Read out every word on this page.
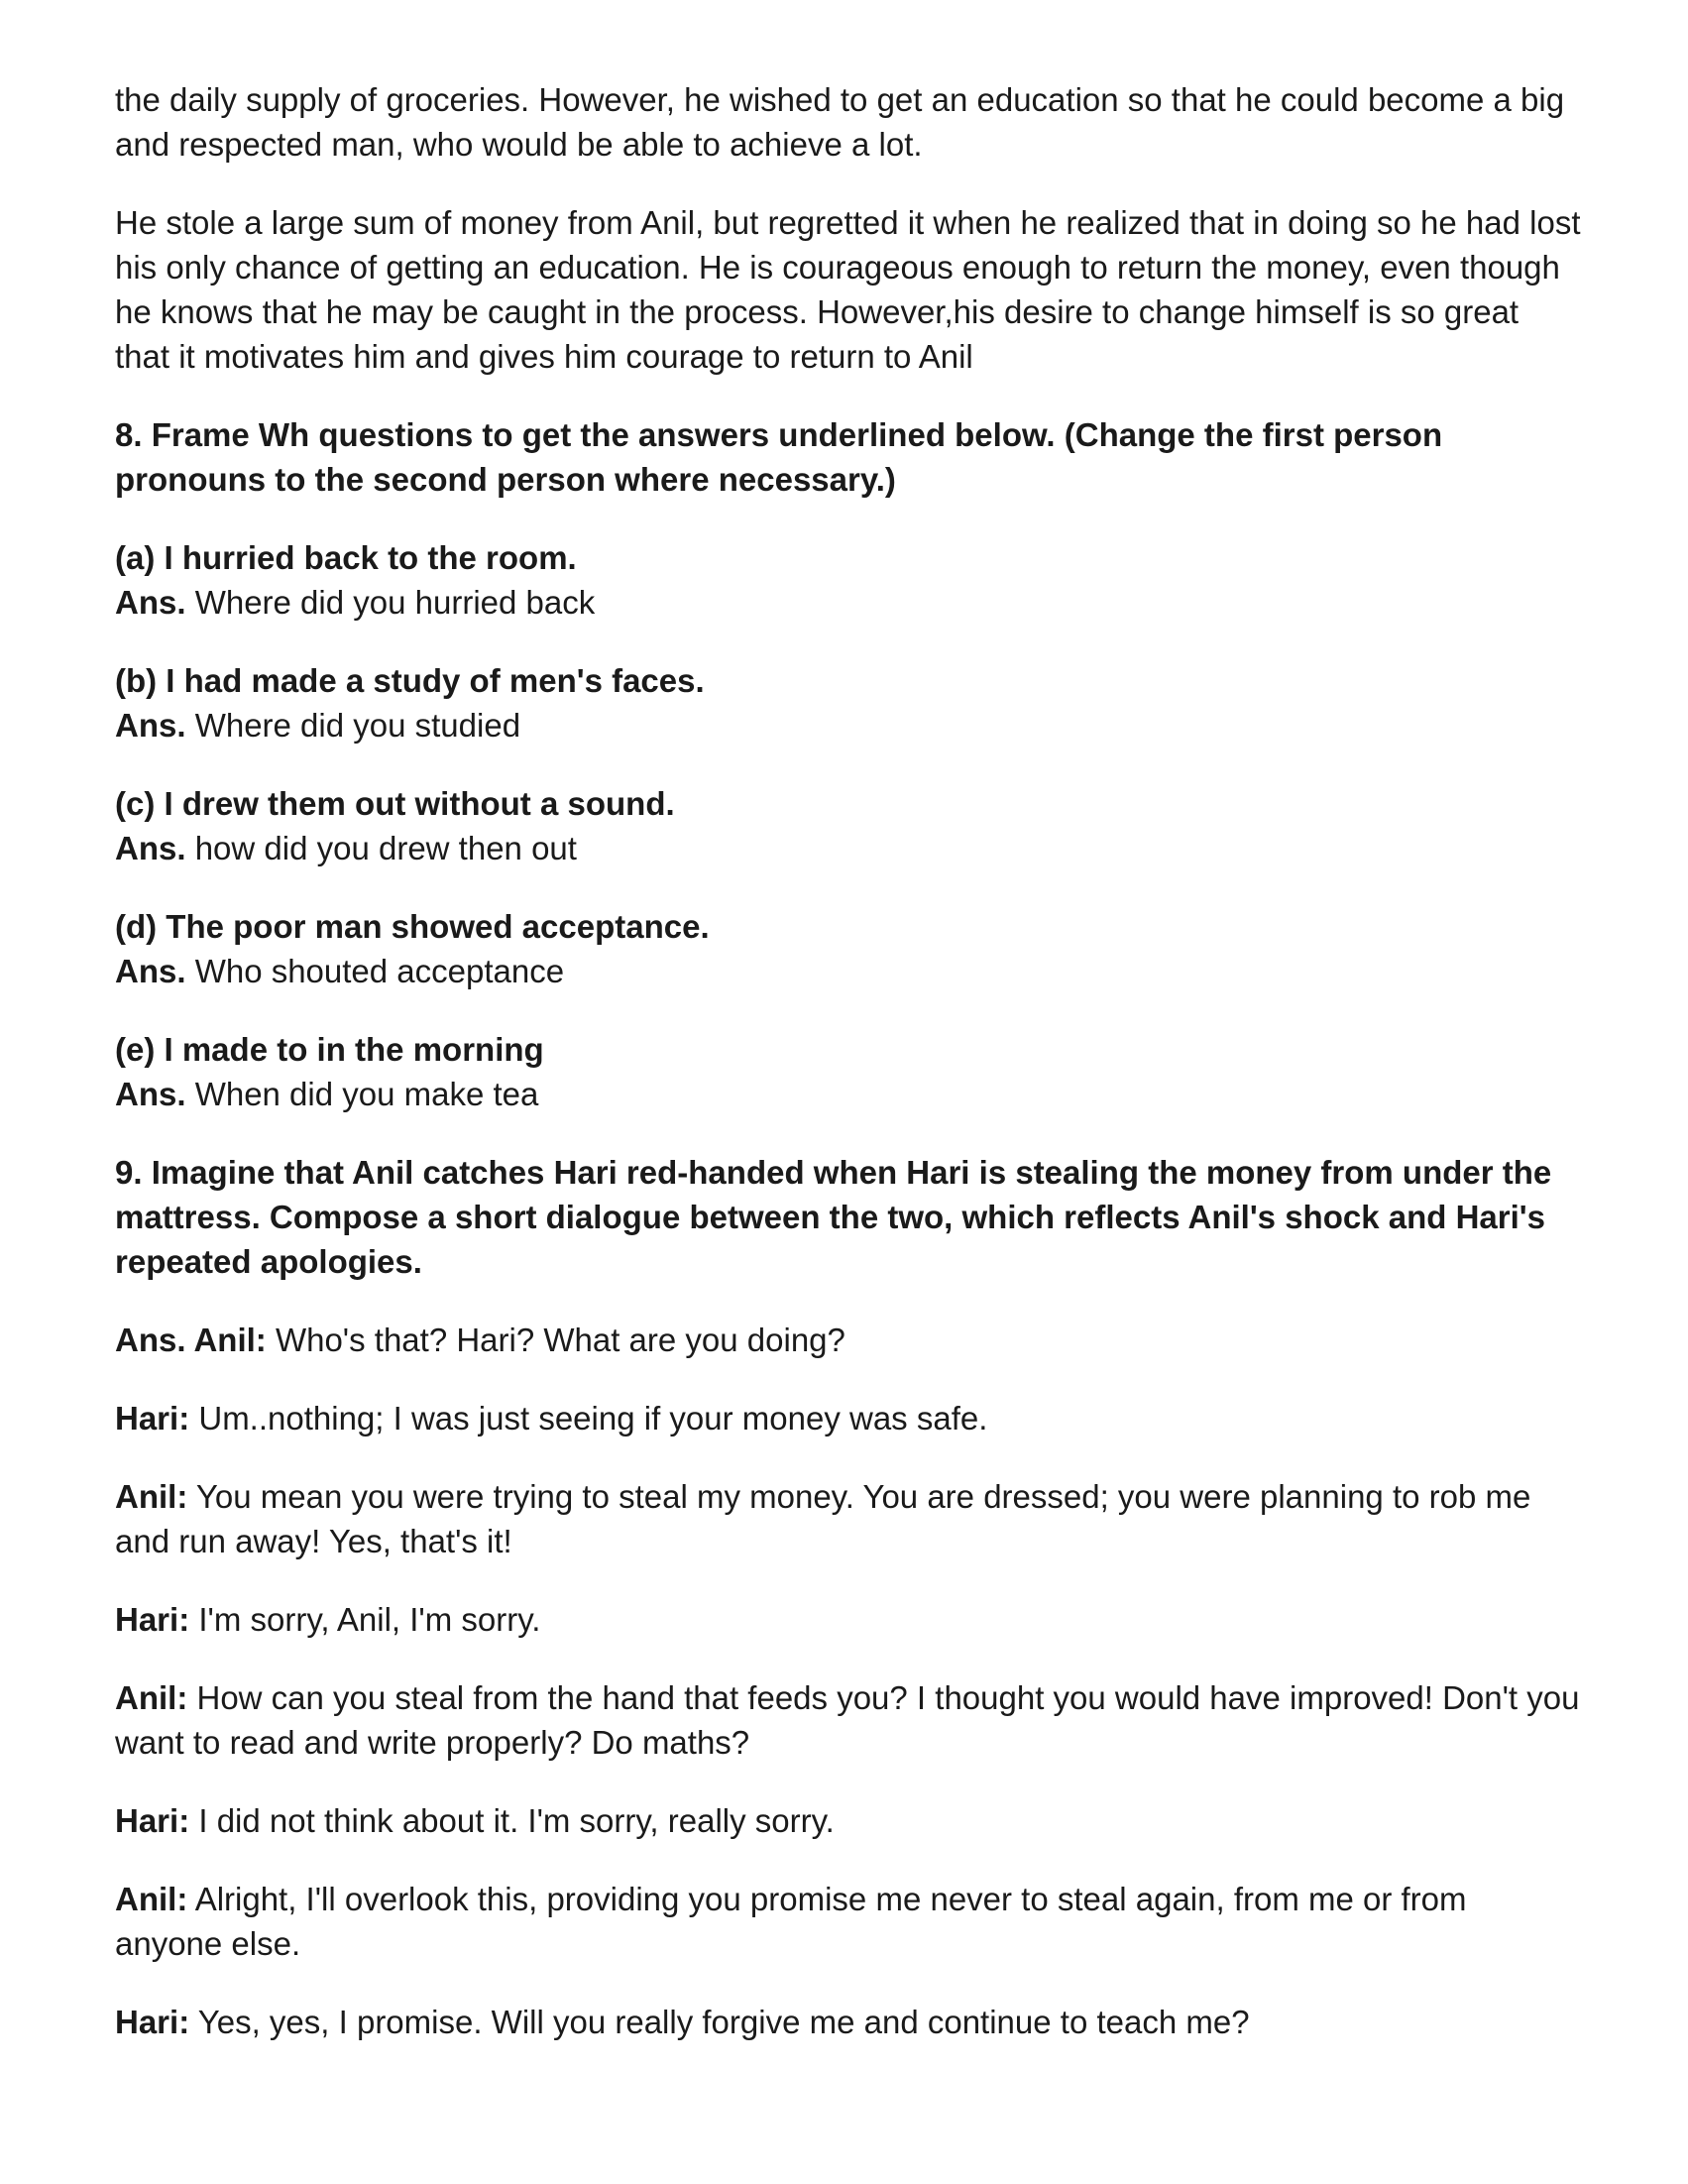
the daily supply of groceries. However, he wished to get an education so that he could become a big and respected man, who would be able to achieve a lot.

He stole a large sum of money from Anil, but regretted it when he realized that in doing so he had lost his only chance of getting an education. He is courageous enough to return the money, even though he knows that he may be caught in the process. However,his desire to change himself is so great that it motivates him and gives him courage to return to Anil

8. Frame Wh questions to get the answers underlined below. (Change the first person pronouns to the second person where necessary.)

(a) I hurried back to the room.
Ans. Where did you hurried back
(b) I had made a study of men's faces.
Ans. Where did you studied
(c) I drew them out without a sound.
Ans. how did you drew then out
(d) The poor man showed acceptance.
Ans. Who shouted acceptance
(e) I made to in the morning
Ans. When did you make tea

9. Imagine that Anil catches Hari red-handed when Hari is stealing the money from under the mattress. Compose a short dialogue between the two, which reflects Anil's shock and Hari's repeated apologies.

Ans. Anil: Who's that? Hari? What are you doing?

Hari: Um..nothing; I was just seeing if your money was safe.

Anil: You mean you were trying to steal my money. You are dressed; you were planning to rob me and run away! Yes, that's it!

Hari: I'm sorry, Anil, I'm sorry.

Anil: How can you steal from the hand that feeds you? I thought you would have improved! Don't you want to read and write properly? Do maths?

Hari: I did not think about it. I'm sorry, really sorry.

Anil: Alright, I'll overlook this, providing you promise me never to steal again, from me or from anyone else.

Hari: Yes, yes, I promise. Will you really forgive me and continue to teach me?
